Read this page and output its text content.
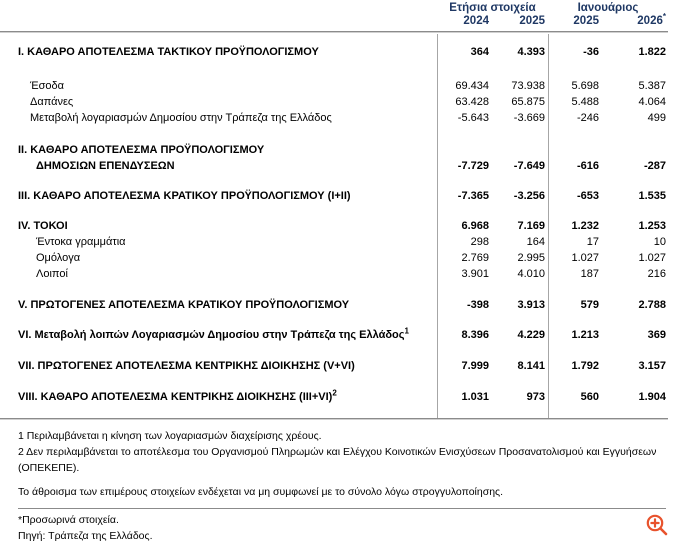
Ετήσια στοιχεία	Ιανουάριος
2024	2025	2025	2026*
I. ΚΑΘΑΡΟ ΑΠΟΤΕΛΕΣΜΑ ΤΑΚΤΙΚΟΥ ΠΡΟΫΠΟΛΟΓΙΣΜΟΥ	364	4.393	-36	1.822
Έσοδα	69.434	73.938	5.698	5.387
Δαπάνες	63.428	65.875	5.488	4.064
Μεταβολή λογαριασμών Δημοσίου στην Τράπεζα της Ελλάδος	-5.643	-3.669	-246	499
II. ΚΑΘΑΡΟ ΑΠΟΤΕΛΕΣΜΑ ΠΡΟΫΠΟΛΟΓΙΣΜΟΥ
ΔΗΜΟΣΙΩΝ ΕΠΕΝΔΥΣΕΩΝ	-7.729	-7.649	-616	-287
III. ΚΑΘΑΡΟ ΑΠΟΤΕΛΕΣΜΑ ΚΡΑΤΙΚΟΥ ΠΡΟΫΠΟΛΟΓΙΣΜΟΥ (I+II)	-7.365	-3.256	-653	1.535
IV. ΤΟΚΟΙ	6.968	7.169	1.232	1.253
Έντοκα γραμμάτια	298	164	17	10
Ομόλογα	2.769	2.995	1.027	1.027
Λοιποί	3.901	4.010	187	216
V. ΠΡΩΤΟΓΕΝΕΣ ΑΠΟΤΕΛΕΣΜΑ ΚΡΑΤΙΚΟΥ ΠΡΟΫΠΟΛΟΓΙΣΜΟΥ	-398	3.913	579	2.788
VI. Μεταβολή λοιπών Λογαριασμών Δημοσίου στην Τράπεζα της Ελλάδος$^1$	8.396	4.229	1.213	369
VII. ΠΡΩΤΟΓΕΝΕΣ ΑΠΟΤΕΛΕΣΜΑ ΚΕΝΤΡΙΚΗΣ ΔΙΟΙΚΗΣΗΣ (V+VI)	7.999	8.141	1.792	3.157
VIII. ΚΑΘΑΡΟ ΑΠΟΤΕΛΕΣΜΑ ΚΕΝΤΡΙΚΗΣ ΔΙΟΙΚΗΣΗΣ $(III+VI)^2$	1.031	973	560	1.904
1 Περιλαμβάνεται η κίνηση των λογαριασμών διαχείρισης χρέους.
2 Δεν περιλαμβάνεται το αποτέλεσμα του Οργανισμού Πληρωμών και Ελέγχου Κοινοτικών Ενισχύσεων Προσανατολισμού και Εγγυήσεων (ΟΠΕΚΕΠΕ).
Το άθροισμα των επιμέρους στοιχείων ενδέχεται να μη συμφωνεί με το σύνολο λόγω στρογγυλοποίησης.
*Προσωρινά στοιχεία.
Πηγή: Τράπεζα της Ελλάδος.
